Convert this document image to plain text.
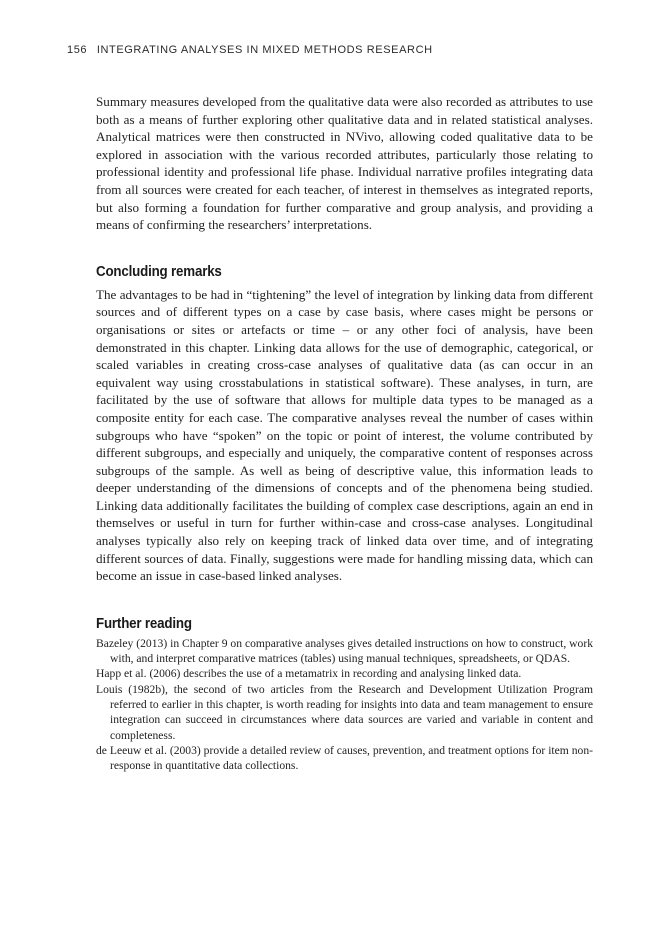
156 INTEGRATING ANALYSES IN MIXED METHODS RESEARCH

Summary measures developed from the qualitative data were also recorded as attributes to use both as a means of further exploring other qualitative data and in related statistical analyses. Analytical matrices were then constructed in NVivo, allowing coded qualitative data to be explored in association with the various recorded attributes, particularly those relating to professional identity and professional life phase. Individual narrative profiles integrating data from all sources were created for each teacher, of interest in themselves as integrated reports, but also forming a foundation for further comparative and group analysis, and providing a means of confirming the researchers’ interpretations.

Concluding remarks

The advantages to be had in “tightening” the level of integration by linking data from different sources and of different types on a case by case basis, where cases might be persons or organisations or sites or artefacts or time – or any other foci of analysis, have been demonstrated in this chapter. Linking data allows for the use of demographic, categorical, or scaled variables in creating cross-case analyses of qualitative data (as can occur in an equivalent way using crosstabulations in statistical software). These analyses, in turn, are facilitated by the use of software that allows for multiple data types to be managed as a composite entity for each case. The comparative analyses reveal the number of cases within subgroups who have “spoken” on the topic or point of interest, the volume contributed by different subgroups, and especially and uniquely, the comparative content of responses across subgroups of the sample. As well as being of descriptive value, this information leads to deeper understanding of the dimensions of concepts and of the phenomena being studied. Linking data additionally facilitates the building of complex case descriptions, again an end in themselves or useful in turn for further within-case and cross-case analyses. Longitudinal analyses typically also rely on keeping track of linked data over time, and of integrating different sources of data. Finally, suggestions were made for handling missing data, which can become an issue in case-based linked analyses.

Further reading
Bazeley (2013) in Chapter 9 on comparative analyses gives detailed instructions on how to construct, work with, and interpret comparative matrices (tables) using manual techniques, spreadsheets, or QDAS.
Happ et al. (2006) describes the use of a metamatrix in recording and analysing linked data.
Louis (1982b), the second of two articles from the Research and Development Utilization Program referred to earlier in this chapter, is worth reading for insights into data and team management to ensure integration can succeed in circumstances where data sources are varied and variable in content and completeness.
de Leeuw et al. (2003) provide a detailed review of causes, prevention, and treatment options for item non-response in quantitative data collections.
